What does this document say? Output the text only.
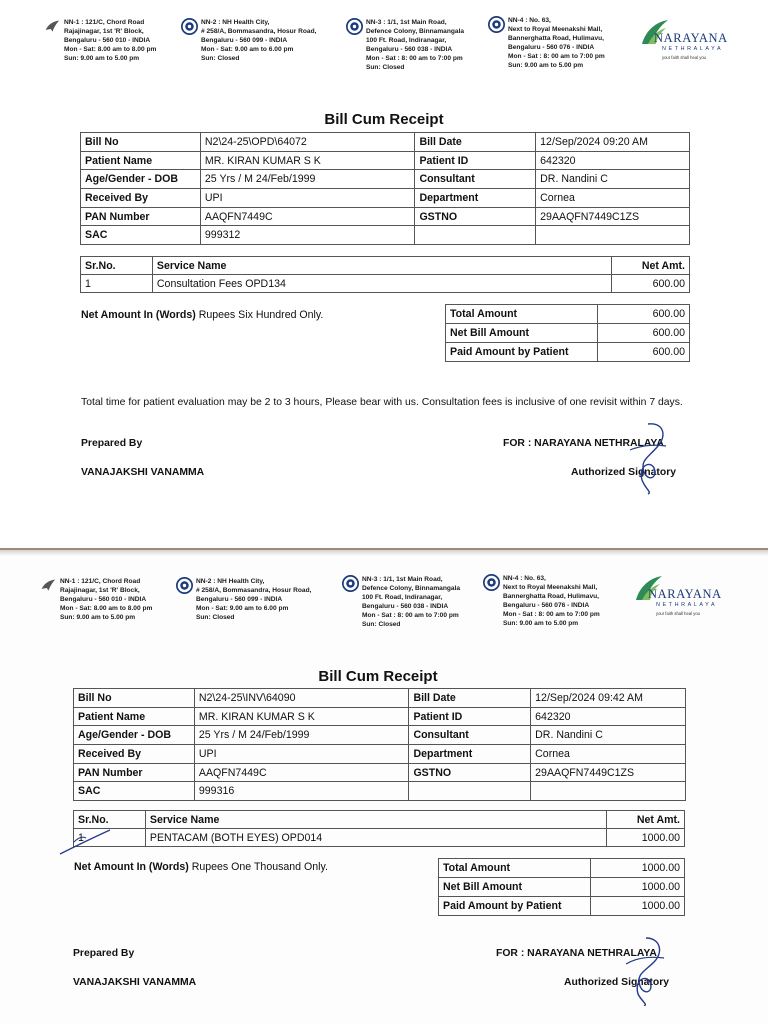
NN-1 : 121/C, Chord Road
Rajajinagar, 1st 'R' Block,
Bengaluru - 560 010 - INDIA
Mon - Sat: 8.00 am to 8.00 pm
Sun: 9.00 am to 5.00 pm
NN-2 : NH Health City,
# 258/A, Bommasandra, Hosur Road,
Bengaluru - 560 099 - INDIA
Mon - Sat: 9.00 am to 6.00 pm
Sun: Closed
NN-3 : 1/1, 1st Main Road,
Defence Colony, Binnamangala
100 Ft. Road, Indiranagar,
Bengaluru - 560 038 - INDIA
Mon - Sat : 8: 00 am to 7:00 pm
Sun: Closed
NN-4 : No. 63,
Next to Royal Meenakshi Mall,
Bannerghatta Road, Hulimavu,
Bengaluru - 560 076 - INDIA
Mon - Sat : 8: 00 am to 7:00 pm
Sun: 9.00 am to 5.00 pm
NARAYANA
NETHRALAYA
your faith shall heal you
Bill Cum Receipt
Bill No	N2\24-25\OPD\64072	Bill Date	12/Sep/2024 09:20 AM
Patient Name	MR. KIRAN KUMAR S K	Patient ID	642320
Age/Gender - DOB	25 Yrs / M 24/Feb/1999	Consultant	DR. Nandini C
Received By	UPI	Department	Cornea
PAN Number	AAQFN7449C	GSTNO	29AAQFN7449C1ZS
SAC	999312		
Sr.No.	Service Name	Net Amt.
1	Consultation Fees OPD134	600.00
Net Amount In (Words) Rupees Six Hundred Only.	Total Amount	600.00
Net Bill Amount	600.00
Paid Amount by Patient	600.00
Total time for patient evaluation may be 2 to 3 hours, Please bear with us. Consultation fees is inclusive of one revisit within 7 days.
Prepared By	FOR : NARAYANA NETHRALAYA
VANAJAKSHI VANAMMA	Authorized Signatory
NN-1 : 121/C, Chord Road
Rajajinagar, 1st 'R' Block,
Bengaluru - 560 010 - INDIA
Mon - Sat: 8.00 am to 8.00 pm
Sun: 9.00 am to 5.00 pm
NN-2 : NH Health City,
# 258/A, Bommasandra, Hosur Road,
Bengaluru - 560 099 - INDIA
Mon - Sat: 9.00 am to 6.00 pm
Sun: Closed
NN-3 : 1/1, 1st Main Road,
Defence Colony, Binnamangala
100 Ft. Road, Indiranagar,
Bengaluru - 560 038 - INDIA
Mon - Sat : 8: 00 am to 7:00 pm
Sun: Closed
NN-4 : No. 63,
Next to Royal Meenakshi Mall,
Bannerghatta Road, Hulimavu,
Bengaluru - 560 076 - INDIA
Mon - Sat : 8: 00 am to 7:00 pm
Sun: 9.00 am to 5.00 pm
NARAYANA
NETHRALAYA
your faith shall heal you
Bill Cum Receipt
Bill No	N2\24-25\INV\64090	Bill Date	12/Sep/2024 09:42 AM
Patient Name	MR. KIRAN KUMAR S K	Patient ID	642320
Age/Gender - DOB	25 Yrs / M 24/Feb/1999	Consultant	DR. Nandini C
Received By	UPI	Department	Cornea
PAN Number	AAQFN7449C	GSTNO	29AAQFN7449C1ZS
SAC	999316		
Sr.No.	Service Name	Net Amt.
1	PENTACAM (BOTH EYES) OPD014	1000.00
Net Amount In (Words) Rupees One Thousand Only.	Total Amount	1000.00
Net Bill Amount	1000.00
Paid Amount by Patient	1000.00
Prepared By	FOR : NARAYANA NETHRALAYA
VANAJAKSHI VANAMMA	Authorized Signatory
